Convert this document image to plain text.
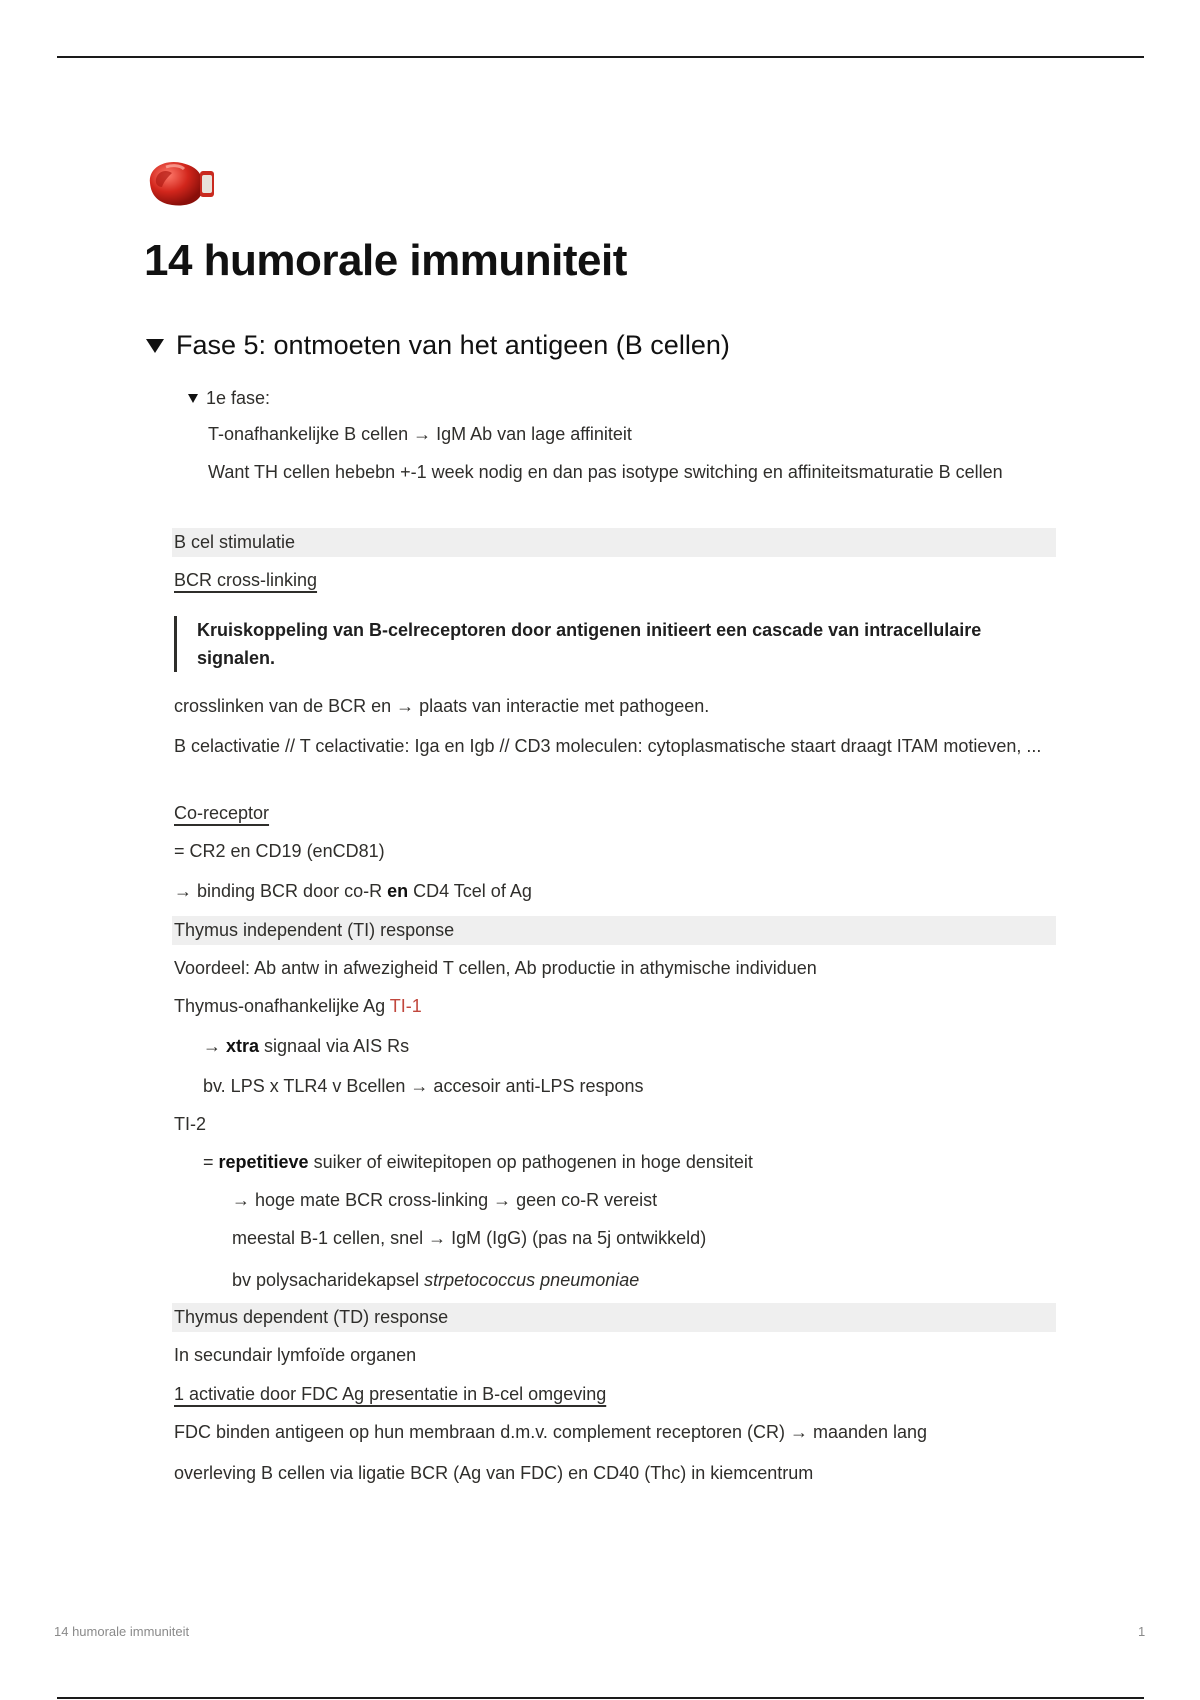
14 humorale immuniteit
Fase 5: ontmoeten van het antigeen (B cellen)
1e fase:
T-onafhankelijke B cellen → IgM Ab van lage affiniteit
Want TH cellen hebebn +-1 week nodig en dan pas isotype switching en affiniteitsmaturatie B cellen
B cel stimulatie
BCR cross-linking
Kruiskoppeling van B-celreceptoren door antigenen initieert een cascade van intracellulaire signalen.
crosslinken van de BCR en → plaats van interactie met pathogeen.
B celactivatie // T celactivatie: Iga en Igb // CD3 moleculen: cytoplasmatische staart draagt ITAM motieven, ...
Co-receptor
= CR2 en CD19 (enCD81)
→ binding BCR door co-R en CD4 Tcel of Ag
Thymus independent (TI) response
Voordeel: Ab antw in afwezigheid T cellen, Ab productie in athymische individuen
Thymus-onafhankelijke Ag TI-1
→ xtra signaal via AIS Rs
bv. LPS x TLR4 v Bcellen → accesoir anti-LPS respons
TI-2
= repetitieve suiker of eiwitepitopen op pathogenen in hoge densiteit
→ hoge mate BCR cross-linking → geen co-R vereist
meestal B-1 cellen, snel → IgM (IgG) (pas na 5j ontwikkeld)
bv polysacharidekapsel strpetococcus pneumoniae
Thymus dependent (TD) response
In secundair lymfoïde organen
1 activatie door FDC Ag presentatie in B-cel omgeving
FDC binden antigeen op hun membraan d.m.v. complement receptoren (CR) → maanden lang
overleving B cellen via ligatie BCR (Ag van FDC) en CD40 (Thc) in kiemcentrum
14 humorale immuniteit	1
